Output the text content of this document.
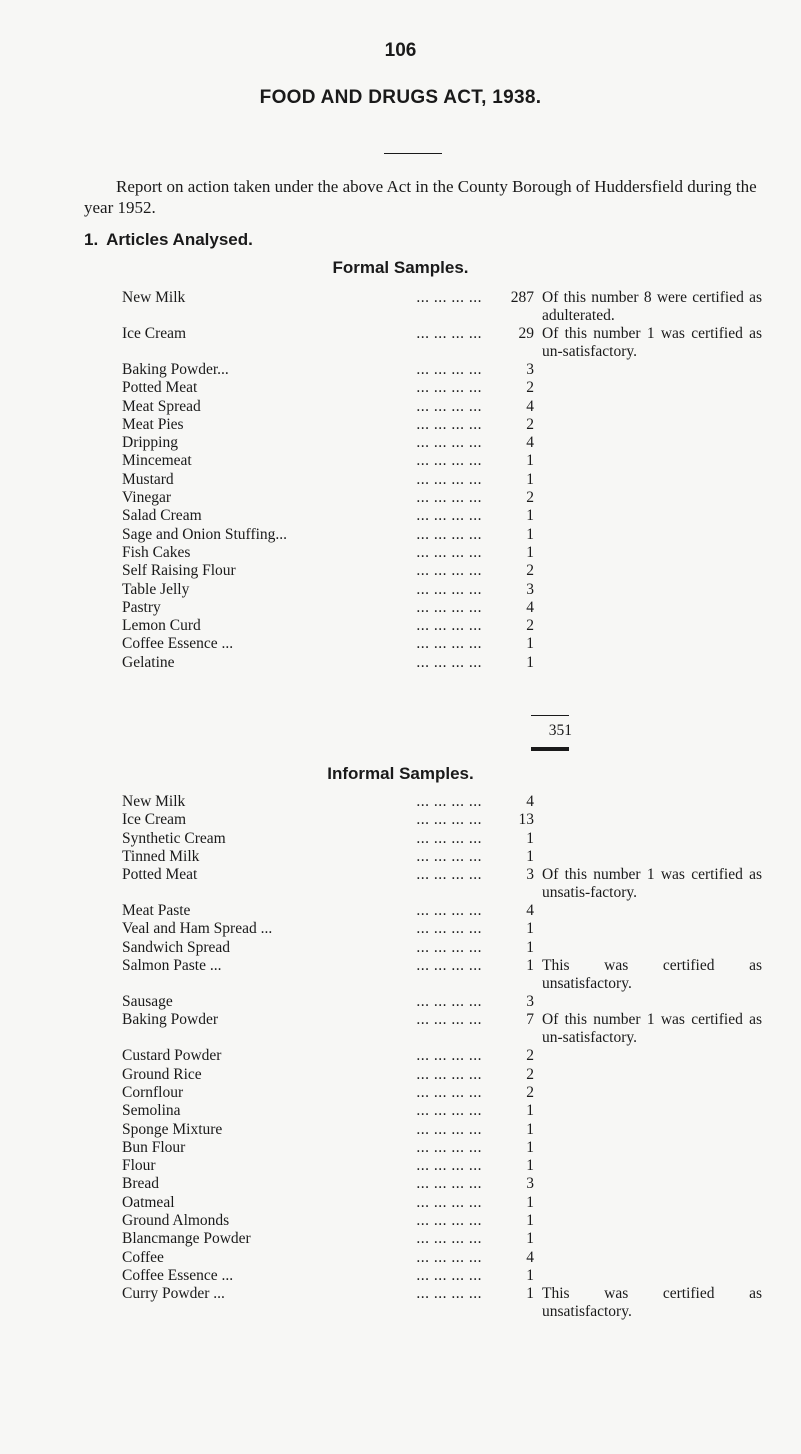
106
FOOD AND DRUGS ACT, 1938.
Report on action taken under the above Act in the County Borough of Huddersfield during the year 1952.
1. Articles Analysed.
Formal Samples.
... ... ... ...
New Milk	287 Of this number 8 were certified as adulterated.
... ... ... ...
Ice Cream	29 Of this number 1 was certified as un-satisfactory.
... ... ... ...
Baking Powder...	3
... ... ... ...
Potted Meat	2
... ... ... ...
Meat Spread	4
... ... ... ...
Meat Pies	2
... ... ... ...
Dripping	4
... ... ... ...
Mincemeat	1
... ... ... ...
Mustard	1
... ... ... ...
Vinegar	2
... ... ... ...
Salad Cream	1
... ... ... ...
Sage and Onion Stuffing...	1
... ... ... ...
Fish Cakes	1
... ... ... ...
Self Raising Flour	2
... ... ... ...
Table Jelly	3
... ... ... ...
Pastry	4
... ... ... ...
Lemon Curd	2
... ... ... ...
Coffee Essence ...	1
... ... ... ...
Gelatine	1
351
Informal Samples.
... ... ... ...
New Milk	4
... ... ... ...
Ice Cream	13
... ... ... ...
Synthetic Cream	1
... ... ... ...
Tinned Milk	1
... ... ... ...
Potted Meat	3 Of this number 1 was certified as unsatis-factory.
... ... ... ...
Meat Paste	4
... ... ... ...
Veal and Ham Spread ...	1
... ... ... ...
Sandwich Spread	1
... ... ... ...
Salmon Paste ...	1 This was certified as unsatisfactory.
... ... ... ...
Sausage	3
... ... ... ...
Baking Powder	7 Of this number 1 was certified as un-satisfactory.
... ... ... ...
Custard Powder	2
... ... ... ...
Ground Rice	2
... ... ... ...
Cornflour	2
... ... ... ...
Semolina	1
... ... ... ...
Sponge Mixture	1
... ... ... ...
Bun Flour	1
... ... ... ...
Flour	1
... ... ... ...
Bread	3
... ... ... ...
Oatmeal	1
... ... ... ...
Ground Almonds	1
... ... ... ...
Blancmange Powder	1
... ... ... ...
Coffee	4
... ... ... ...
Coffee Essence ...	1
... ... ... ...
Curry Powder ...	1 This was certified as unsatisfactory.
